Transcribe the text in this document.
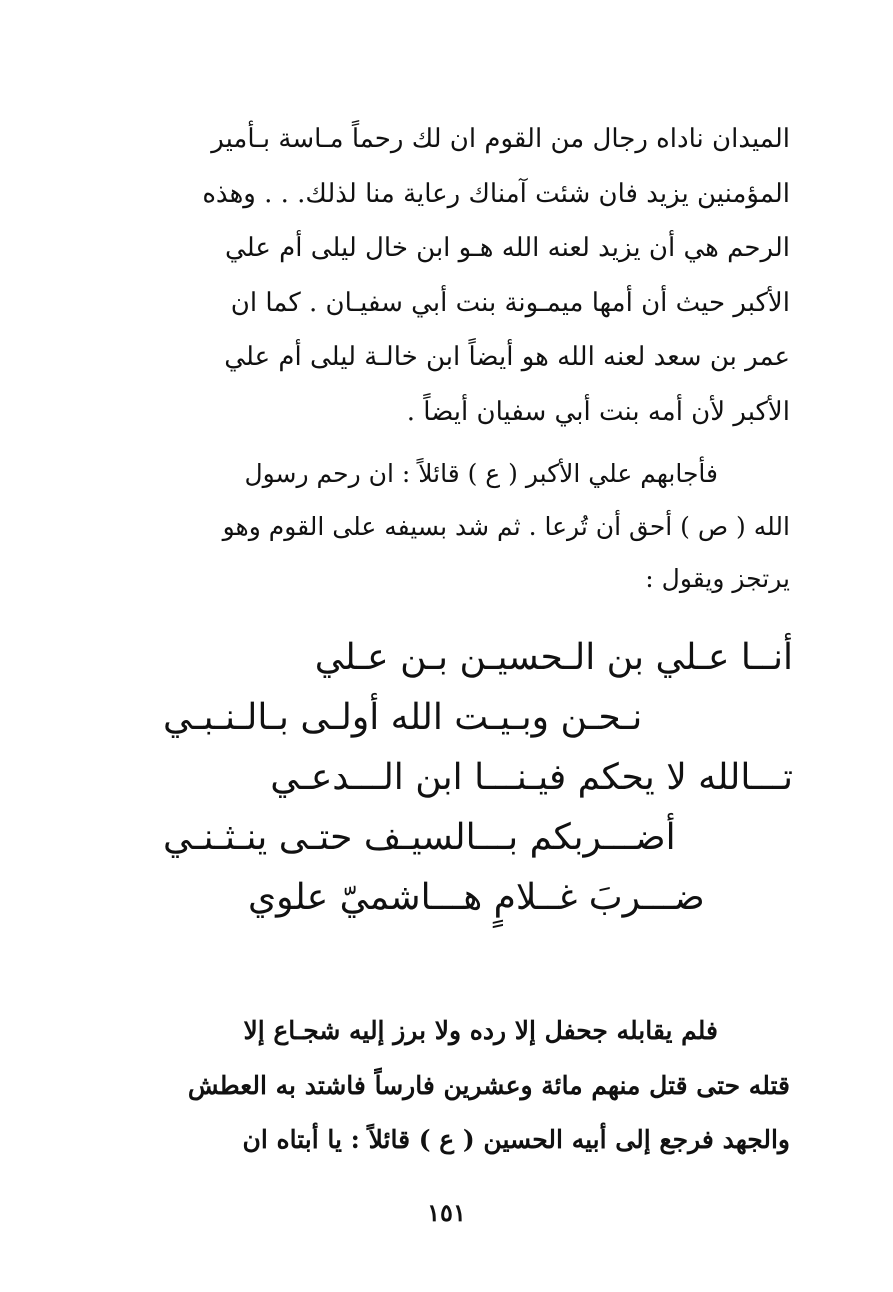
الميدان ناداه رجال من القوم ان لك رحماً مـاسة بـأمير
المؤمنين يزيد فان شئت آمناك رعاية منا لذلك. . . وهذه
الرحم هي أن يزيد لعنه الله هـو ابن خال ليلى أم علي
الأكبر حيث أن أمها ميمـونة بنت أبي سفيـان . كما ان
عمر بن سعد لعنه الله هو أيضاً ابن خالـة ليلى أم علي
الأكبر لأن أمه بنت أبي سفيان أيضاً .
فأجابهم علي الأكبر ( ع ) قائلاً : ان رحم رسول
الله ( ص ) أحق أن تُرعا . ثم شد بسيفه على القوم وهو
يرتجز ويقول :
أنــا عـلي بن الـحسيـن بـن عـلي
نـحـن وبـيـت الله أولـى بـالـنـبـي
تـــالله لا يحكم فيـنـــا ابن الـــدعـي
أضـــربكم بـــالسيـف حتـى ينـثـنـي
ضـــربَ غــلامٍ هـــاشميّ علوي
فلم يقابله جحفل إلا رده ولا برز إليه شجـاع إلا
قتله حتى قتل منهم مائة وعشرين فارساً فاشتد به العطش
والجهد فرجع إلى أبيه الحسين ( ع ) قائلاً : يا أبتاه ان
١٥١
